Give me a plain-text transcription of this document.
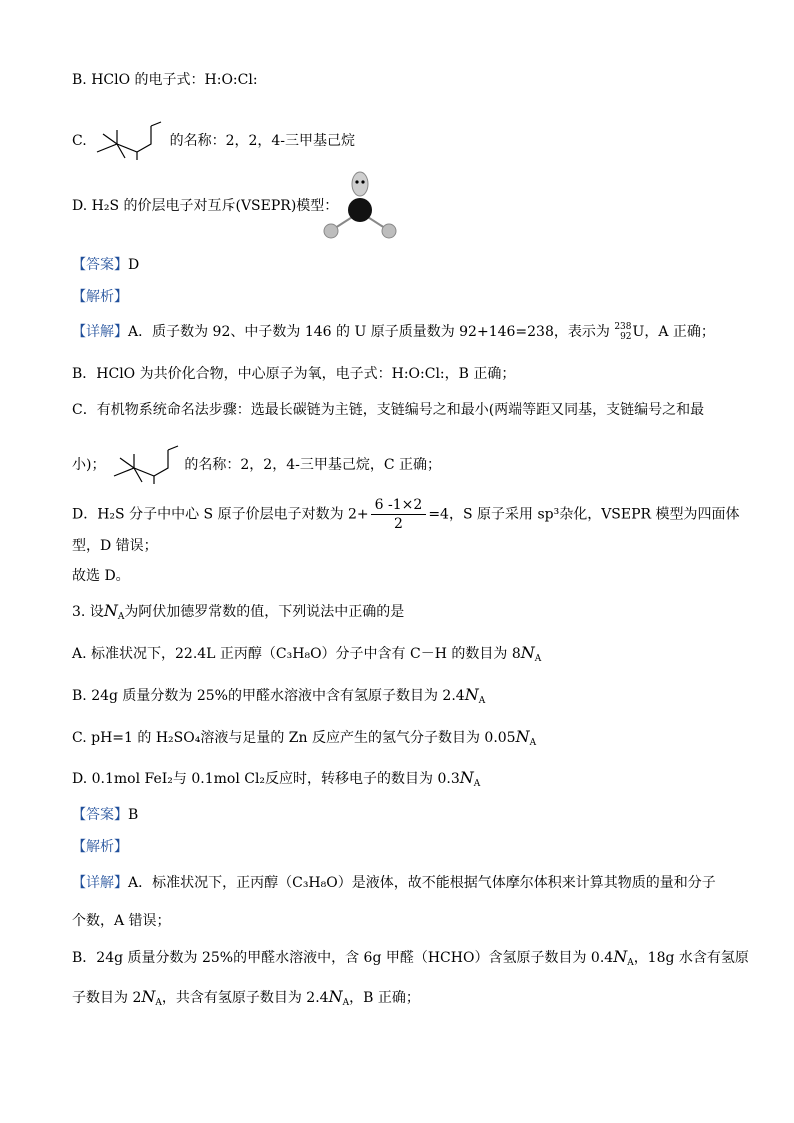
B. HClO 的电子式：H:O:Cl:
C.	的名称：2，2，4-三甲基己烷
D. H₂S 的价层电子对互斥(VSEPR)模型：
【答案】D
【解析】
【详解】A．质子数为 92、中子数为 146 的 U 原子质量数为 92+146=238，表示为 238
92 U，A 正确；
B．HClO 为共价化合物，中心原子为氧，电子式：H:O:Cl:，B 正确；
C．有机物系统命名法步骤：选最长碳链为主链，支链编号之和最小(两端等距又同基，支链编号之和最
小)；	的名称：2，2，4-三甲基己烷，C 正确；
D．H₂S 分子中中心 S 原子价层电子对数为 $2+ \frac{6 -1\times 2}{2} =4$，S 原子采用 sp³杂化，VSEPR 模型为四面体
型，D 错误；
故选 D。
3. 设$N_A$为阿伏加德罗常数的值，下列说法中正确的是
A. 标准状况下，22.4L 正丙醇（C₃H₈O）分子中含有 C－H 的数目为 $8N_A$
B. 24g 质量分数为 25%的甲醛水溶液中含有氢原子数目为 $2.4N_A$
C. pH=1 的 H₂SO₄溶液与足量的 Zn 反应产生的氢气分子数目为 $0.05N_A$
D. 0.1mol FeI₂与 0.1mol Cl₂反应时，转移电子的数目为 $0.3N_A$
【答案】B
【解析】
【详解】A．标准状况下，正丙醇（C₃H₈O）是液体，故不能根据气体摩尔体积来计算其物质的量和分子
个数，A 错误；
B．24g 质量分数为 25%的甲醛水溶液中，含 6g 甲醛（HCHO）含氢原子数目为 $0.4N_A$，18g 水含有氢原
子数目为 $2N_A$，共含有氢原子数目为 $2.4N_A$，B 正确；
